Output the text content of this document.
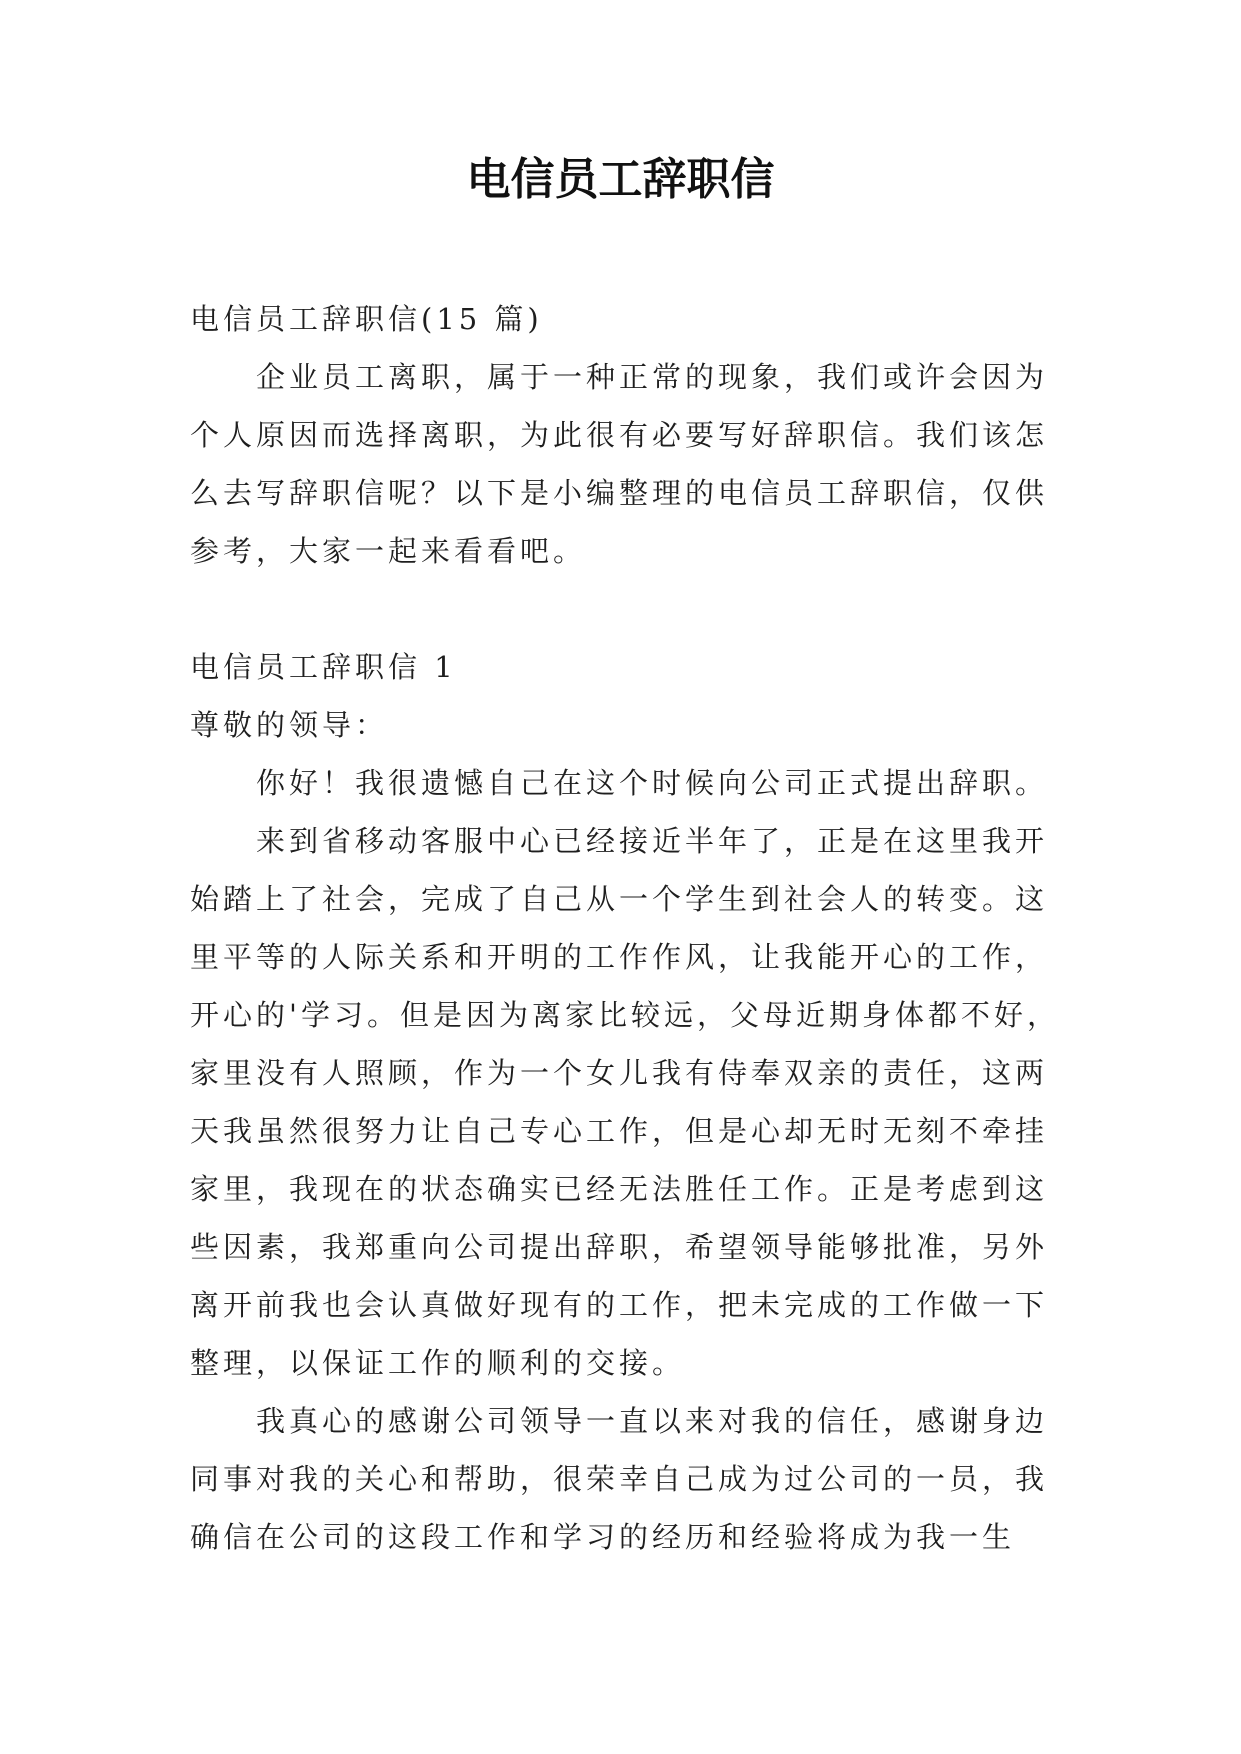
电信员工辞职信
电信员工辞职信(15 篇)
企业员工离职，属于一种正常的现象，我们或许会因为
个人原因而选择离职，为此很有必要写好辞职信。我们该怎
么去写辞职信呢？以下是小编整理的电信员工辞职信，仅供
参考，大家一起来看看吧。
电信员工辞职信 1
尊敬的领导：
你好！我很遗憾自己在这个时候向公司正式提出辞职。
来到省移动客服中心已经接近半年了，正是在这里我开
始踏上了社会，完成了自己从一个学生到社会人的转变。这
里平等的人际关系和开明的工作作风，让我能开心的工作，
开心的'学习。但是因为离家比较远，父母近期身体都不好，
家里没有人照顾，作为一个女儿我有侍奉双亲的责任，这两
天我虽然很努力让自己专心工作，但是心却无时无刻不牵挂
家里，我现在的状态确实已经无法胜任工作。正是考虑到这
些因素，我郑重向公司提出辞职，希望领导能够批准，另外
离开前我也会认真做好现有的工作，把未完成的工作做一下
整理，以保证工作的顺利的交接。
我真心的感谢公司领导一直以来对我的信任，感谢身边
同事对我的关心和帮助，很荣幸自己成为过公司的一员，我
确信在公司的这段工作和学习的经历和经验将成为我一生
